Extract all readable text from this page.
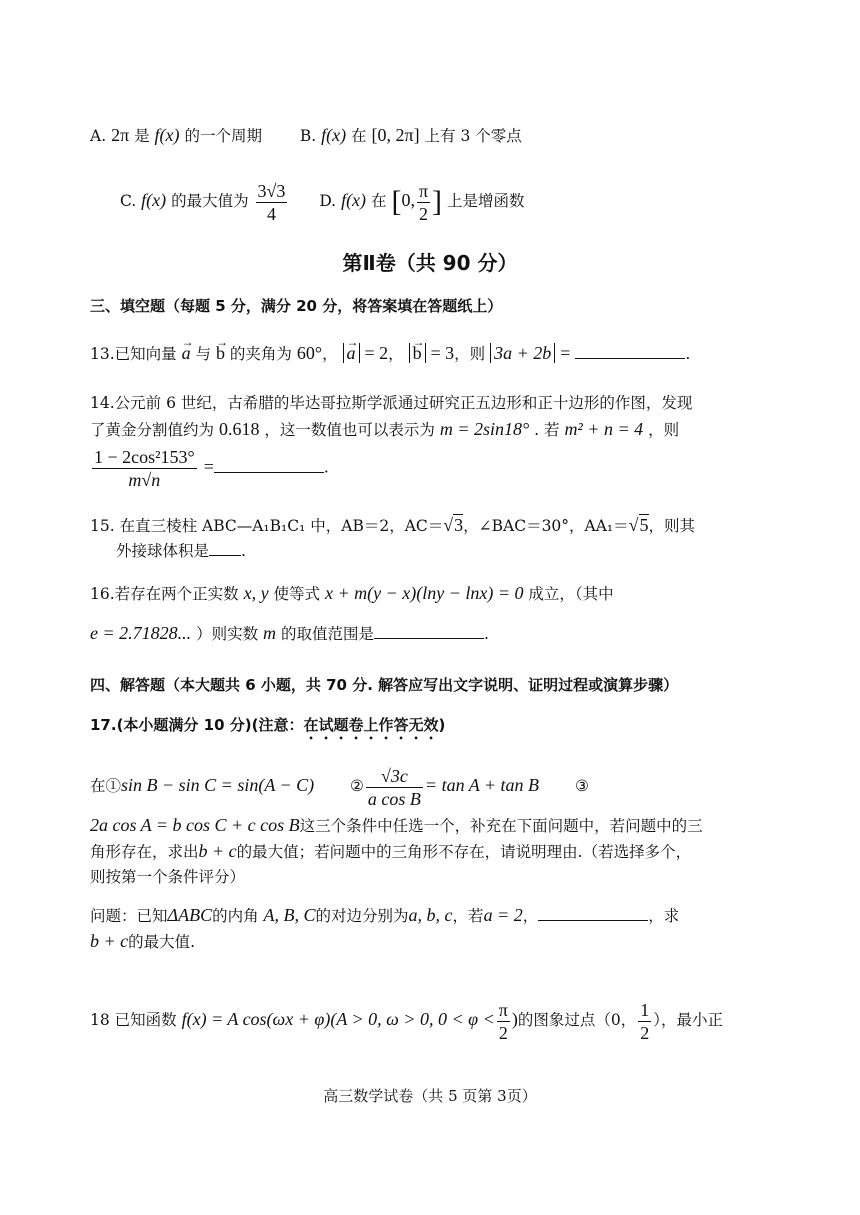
A. 2π 是 f(x) 的一个周期 B. f(x) 在 [0, 2π] 上有 3 个零点
C. f(x) 的最大值为 $\frac{3√3}{4} D$. f(x) 在 [0, $\frac{\pi}{2}$ ] 上是增函数
第Ⅱ卷（共 90 分）
三、填空题（每题 5 分，满分 20 分，将答案填在答题纸上）
13.已知向量 → a 与 → b 的夹角为 60°， → a = 2， → b = 3，则 3a + 2b =	.
14.公元前 6 世纪，古希腊的毕达哥拉斯学派通过研究正五边形和正十边形的作图，发现
了黄金分割值约为 0.618 ，这一数值也可以表示为 m = 2sin18° . 若 m² + n = 4 ，则
$\frac{\text{1 − 2cos²153°}}{m√n}$ =	.
15. 在直三棱柱 ABC—A₁B₁C₁ 中，AB＝2，AC＝√3，∠BAC＝30°，AA₁＝√5，则其
外接球体积是 .
16.若存在两个正实数 x, y 使等式 x + m(y − x)(lny − lnx) = 0 成立，（其中
e = 2.71828... ）则实数 m 的取值范围是	.
四、解答题（本大题共 6 小题，共 70 分. 解答应写出文字说明、证明过程或演算步骤）
17.(本小题满分 10 分)(注意：在试题卷上作答无效)
在①sin B − sin C = sin(A − C) ② $\frac{√3c}{\text{a cos B}} = \tan A + \tan B$ ③
2a cos A = b cos C + c cos B这三个条件中任选一个，补充在下面问题中，若问题中的三
角形存在，求出b + c的最大值；若问题中的三角形不存在，请说明理由.（若选择多个，
则按第一个条件评分）
问题：已知ΔABC的内角 A, B, C的对边分别为a, b, c，若a = 2，	，求
b + c的最大值.
18 已知函数 f(x) = A cos(ωx + φ)(A > 0, ω > 0, $0 < \varphi < \frac{\pi}{2}$ )的图象过点（0， $\frac{1}{2}$ ），最小正
高三数学试卷（共 5 页第 3页）
